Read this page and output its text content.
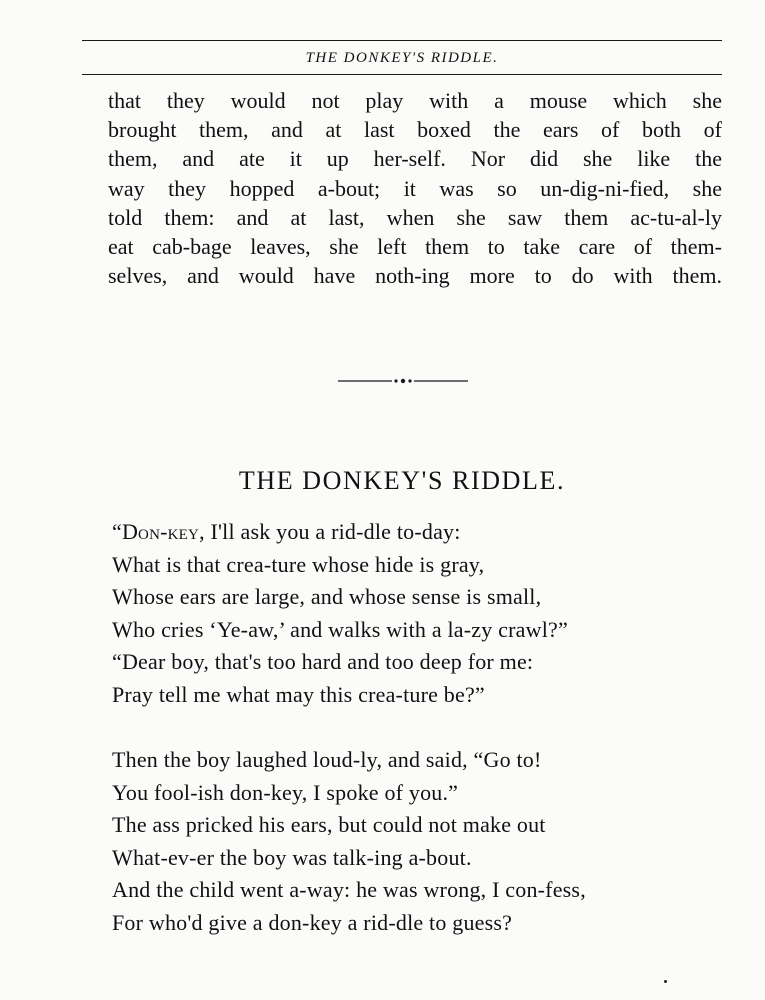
THE DONKEY'S RIDDLE.
that they would not play with a mouse which she
brought them, and at last boxed the ears of both of
them, and ate it up her-self. Nor did she like the
way they hopped a-bout; it was so un-dig-ni-fied, she
told them: and at last, when she saw them ac-tu-al-ly
eat cab-bage leaves, she left them to take care of them-
selves, and would have noth-ing more to do with them.
THE DONKEY'S RIDDLE.
“Don-key, I'll ask you a rid-dle to-day:
What is that crea-ture whose hide is gray,
Whose ears are large, and whose sense is small,
Who cries ‘Ye-aw,’ and walks with a la-zy crawl?”
“Dear boy, that's too hard and too deep for me:
Pray tell me what may this crea-ture be?”
Then the boy laughed loud-ly, and said, “Go to!
You fool-ish don-key, I spoke of you.”
The ass pricked his ears, but could not make out
What-ev-er the boy was talk-ing a-bout.
And the child went a-way: he was wrong, I con-fess,
For who'd give a don-key a rid-dle to guess?
